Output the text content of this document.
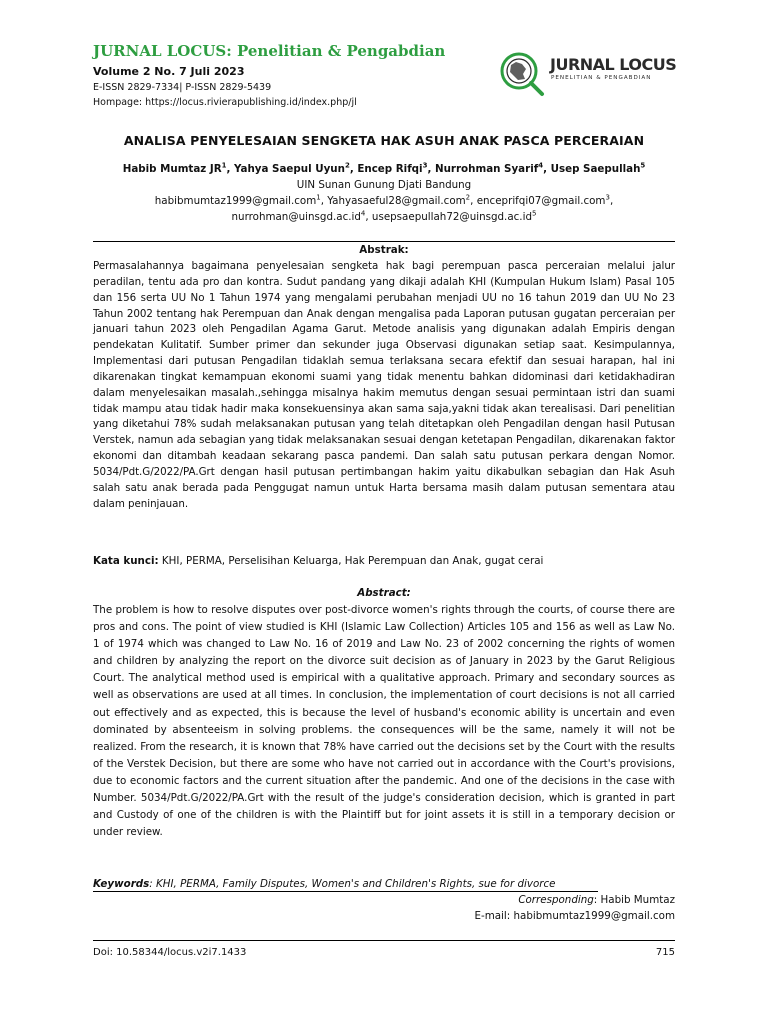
JURNAL LOCUS: Penelitian & Pengabdian
Volume 2 No. 7 Juli 2023
E-ISSN 2829-7334| P-ISSN 2829-5439
Hompage: https://locus.rivierapublishing.id/index.php/jl
JURNAL LOCUS
PENELITIAN & PENGABDIAN
ANALISA PENYELESAIAN SENGKETA HAK ASUH ANAK PASCA PERCERAIAN
Habib Mumtaz $JR^1$, Yahya Saepul Uyun$^2$, Encep Rifqi$^3$, Nurrohman Syarif$^4$, Usep Saepullah$^5$
UIN Sunan Gunung Djati Bandung
habibmumtaz1999@gmail.com$^1$, Yahyasaeful28@gmail.com$^2$, enceprifqi07@gmail.com$^3$,
$nurrohman@uinsgd.ac.id^4$, $usepsaepullah72@uinsgd.ac.id^5$
Abstrak:
Permasalahannya bagaimana penyelesaian sengketa hak bagi perempuan pasca perceraian melalui jalur peradilan, tentu ada pro dan kontra. Sudut pandang yang dikaji adalah KHI (Kumpulan Hukum Islam) Pasal 105 dan 156 serta UU No 1 Tahun 1974 yang mengalami perubahan menjadi UU no 16 tahun 2019 dan UU No 23 Tahun 2002 tentang hak Perempuan dan Anak dengan mengalisa pada Laporan putusan gugatan perceraian per januari tahun 2023 oleh Pengadilan Agama Garut. Metode analisis yang digunakan adalah Empiris dengan pendekatan Kulitatif. Sumber primer dan sekunder juga Observasi digunakan setiap saat. Kesimpulannya, Implementasi dari putusan Pengadilan tidaklah semua terlaksana secara efektif dan sesuai harapan, hal ini dikarenakan tingkat kemampuan ekonomi suami yang tidak menentu bahkan didominasi dari ketidakhadiran dalam menyelesaikan masalah.,sehingga misalnya hakim memutus dengan sesuai permintaan istri dan suami tidak mampu atau tidak hadir maka konsekuensinya akan sama saja,yakni tidak akan terealisasi. Dari penelitian yang diketahui 78% sudah melaksanakan putusan yang telah ditetapkan oleh Pengadilan dengan hasil Putusan Verstek, namun ada sebagian yang tidak melaksanakan sesuai dengan ketetapan Pengadilan, dikarenakan faktor ekonomi dan ditambah keadaan sekarang pasca pandemi. Dan salah satu putusan perkara dengan Nomor. 5034/Pdt.G/2022/PA.Grt dengan hasil putusan pertimbangan hakim yaitu dikabulkan sebagian dan Hak Asuh salah satu anak berada pada Penggugat namun untuk Harta bersama masih dalam putusan sementara atau dalam peninjauan.
Kata kunci: KHI, PERMA, Perselisihan Keluarga, Hak Perempuan dan Anak, gugat cerai
Abstract:
The problem is how to resolve disputes over post-divorce women's rights through the courts, of course there are pros and cons. The point of view studied is KHI (Islamic Law Collection) Articles 105 and 156 as well as Law No. 1 of 1974 which was changed to Law No. 16 of 2019 and Law No. 23 of 2002 concerning the rights of women and children by analyzing the report on the divorce suit decision as of January in 2023 by the Garut Religious Court. The analytical method used is empirical with a qualitative approach. Primary and secondary sources as well as observations are used at all times. In conclusion, the implementation of court decisions is not all carried out effectively and as expected, this is because the level of husband's economic ability is uncertain and even dominated by absenteeism in solving problems. the consequences will be the same, namely it will not be realized. From the research, it is known that 78% have carried out the decisions set by the Court with the results of the Verstek Decision, but there are some who have not carried out in accordance with the Court's provisions, due to economic factors and the current situation after the pandemic. And one of the decisions in the case with Number. 5034/Pdt.G/2022/PA.Grt with the result of the judge's consideration decision, which is granted in part and Custody of one of the children is with the Plaintiff but for joint assets it is still in a temporary decision or under review.
Keywords: KHI, PERMA, Family Disputes, Women's and Children's Rights, sue for divorce
Corresponding: Habib Mumtaz
E-mail: habibmumtaz1999@gmail.com
Doi: 10.58344/locus.v2i7.1433	715
